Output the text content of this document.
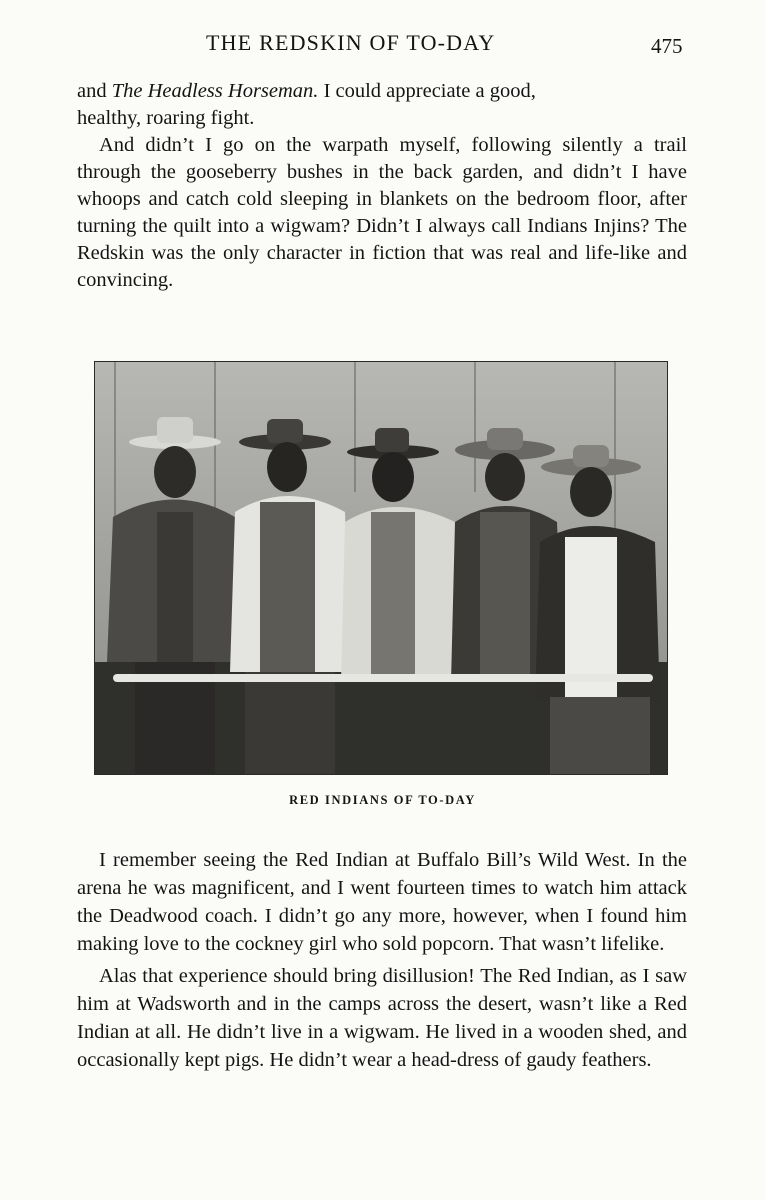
THE REDSKIN OF TO-DAY	475

and The Headless Horseman. I could appreciate a good,
healthy, roaring fight.

And didn’t I go on the warpath myself, following silently a trail through the gooseberry bushes in the back garden, and didn’t I have whoops and catch cold sleeping in blankets on the bedroom floor, after turning the quilt into a wigwam? Didn’t I always call Indians Injins? The Redskin was the only character in fiction that was real and life-like and convincing.

RED INDIANS OF TO-DAY

I remember seeing the Red Indian at Buffalo Bill’s Wild West. In the arena he was magnificent, and I went fourteen times to watch him attack the Deadwood coach. I didn’t go any more, however, when I found him making love to the cockney girl who sold popcorn. That wasn’t lifelike.

Alas that experience should bring disillusion! The Red Indian, as I saw him at Wadsworth and in the camps across the desert, wasn’t like a Red Indian at all. He didn’t live in a wigwam. He lived in a wooden shed, and occasionally kept pigs. He didn’t wear a head-dress of gaudy feathers.
